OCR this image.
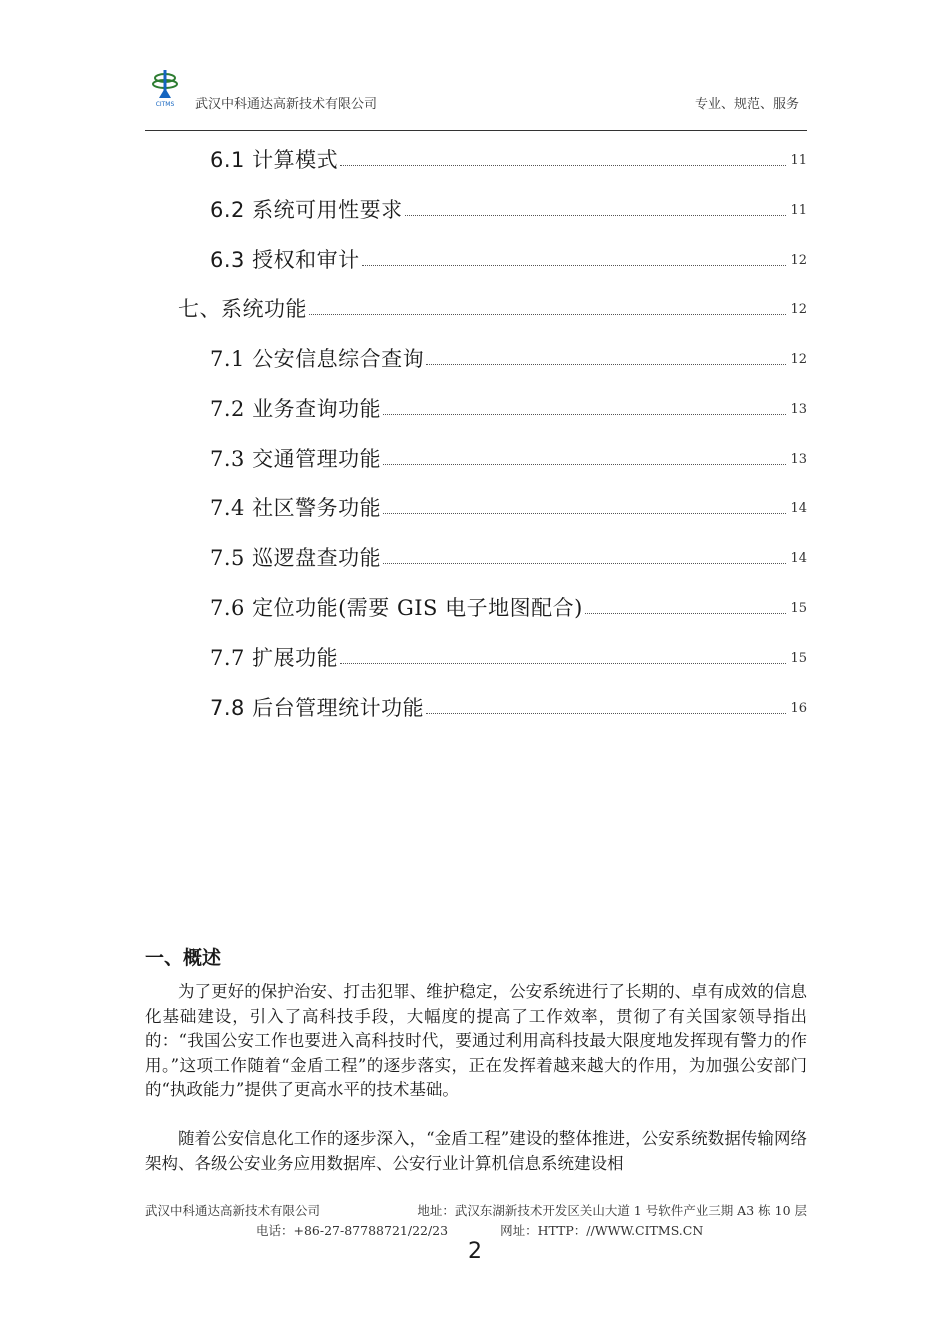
CITMS 武汉中科通达高新技术有限公司	专业、规范、服务
6.1 计算模式	11
6.2 系统可用性要求	11
6.3 授权和审计	12
七、系统功能	12
7.1 公安信息综合查询	12
7.2 业务查询功能	13
7.3 交通管理功能	13
7.4 社区警务功能	14
7.5 巡逻盘查功能	14
7.6 定位功能(需要 GIS 电子地图配合)	15
7.7 扩展功能	15
7.8 后台管理统计功能	16
一、概述

为了更好的保护治安、打击犯罪、维护稳定，公安系统进行了长期的、卓有成效的信息化基础建设，引入了高科技手段，大幅度的提高了工作效率，贯彻了有关国家领导指出的：“我国公安工作也要进入高科技时代，要通过利用高科技最大限度地发挥现有警力的作用。”这项工作随着“金盾工程”的逐步落实，正在发挥着越来越大的作用，为加强公安部门的“执政能力”提供了更高水平的技术基础。

随着公安信息化工作的逐步深入，“金盾工程”建设的整体推进，公安系统数据传输网络架构、各级公安业务应用数据库、公安行业计算机信息系统建设相

武汉中科通达高新技术有限公司	地址：武汉东湖新技术开发区关山大道 1 号软件产业三期 A3 栋 10 层
电话：+86-27-87788721/22/23	网址：HTTP：//WWW.CITMS.CN
2
